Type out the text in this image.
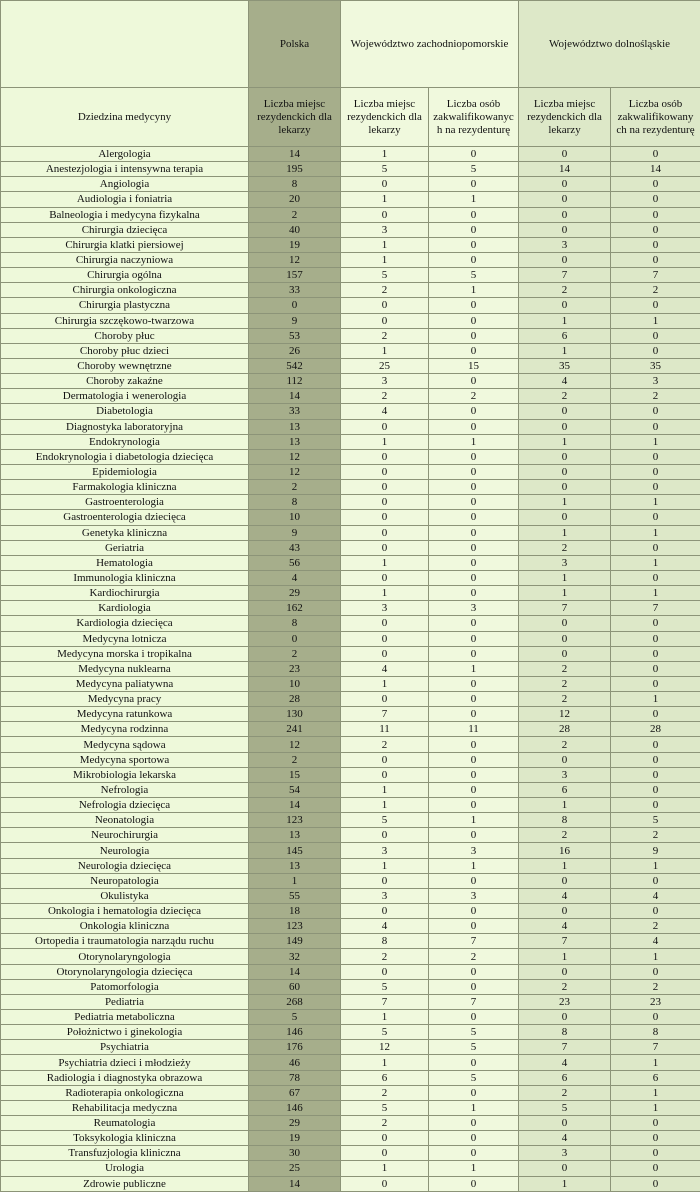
	Polska	Województwo zachodniopomorskie		Województwo dolnośląskie	
Dziedzina medycyny	Liczba miejsc rezydenckich dla lekarzy	Liczba miejsc rezydenckich dla lekarzy	Liczba osób zakwalifikowanyc h na rezydenturę	Liczba miejsc rezydenckich dla lekarzy	Liczba osób zakwalifikowany ch na rezydenturę
Alergologia	14	1	0	0	0
Anestezjologia i intensywna terapia	195	5	5	14	14
Angiologia	8	0	0	0	0
Audiologia i foniatria	20	1	1	0	0
Balneologia i medycyna fizykalna	2	0	0	0	0
Chirurgia dziecięca	40	3	0	0	0
Chirurgia klatki piersiowej	19	1	0	3	0
Chirurgia naczyniowa	12	1	0	0	0
Chirurgia ogólna	157	5	5	7	7
Chirurgia onkologiczna	33	2	1	2	2
Chirurgia plastyczna	0	0	0	0	0
Chirurgia szczękowo-twarzowa	9	0	0	1	1
Choroby płuc	53	2	0	6	0
Choroby płuc dzieci	26	1	0	1	0
Choroby wewnętrzne	542	25	15	35	35
Choroby zakaźne	112	3	0	4	3
Dermatologia i wenerologia	14	2	2	2	2
Diabetologia	33	4	0	0	0
Diagnostyka laboratoryjna	13	0	0	0	0
Endokrynologia	13	1	1	1	1
Endokrynologia i diabetologia dziecięca	12	0	0	0	0
Epidemiologia	12	0	0	0	0
Farmakologia kliniczna	2	0	0	0	0
Gastroenterologia	8	0	0	1	1
Gastroenterologia dziecięca	10	0	0	0	0
Genetyka kliniczna	9	0	0	1	1
Geriatria	43	0	0	2	0
Hematologia	56	1	0	3	1
Immunologia kliniczna	4	0	0	1	0
Kardiochirurgia	29	1	0	1	1
Kardiologia	162	3	3	7	7
Kardiologia dziecięca	8	0	0	0	0
Medycyna lotnicza	0	0	0	0	0
Medycyna morska i tropikalna	2	0	0	0	0
Medycyna nuklearna	23	4	1	2	0
Medycyna paliatywna	10	1	0	2	0
Medycyna pracy	28	0	0	2	1
Medycyna ratunkowa	130	7	0	12	0
Medycyna rodzinna	241	11	11	28	28
Medycyna sądowa	12	2	0	2	0
Medycyna sportowa	2	0	0	0	0
Mikrobiologia lekarska	15	0	0	3	0
Nefrologia	54	1	0	6	0
Nefrologia dziecięca	14	1	0	1	0
Neonatologia	123	5	1	8	5
Neurochirurgia	13	0	0	2	2
Neurologia	145	3	3	16	9
Neurologia dziecięca	13	1	1	1	1
Neuropatologia	1	0	0	0	0
Okulistyka	55	3	3	4	4
Onkologia i hematologia dziecięca	18	0	0	0	0
Onkologia kliniczna	123	4	0	4	2
Ortopedia i traumatologia narządu ruchu	149	8	7	7	4
Otorynolaryngologia	32	2	2	1	1
Otorynolaryngologia dziecięca	14	0	0	0	0
Patomorfologia	60	5	0	2	2
Pediatria	268	7	7	23	23
Pediatria metaboliczna	5	1	0	0	0
Położnictwo i ginekologia	146	5	5	8	8
Psychiatria	176	12	5	7	7
Psychiatria dzieci i młodzieży	46	1	0	4	1
Radiologia i diagnostyka obrazowa	78	6	5	6	6
Radioterapia onkologiczna	67	2	0	2	1
Rehabilitacja medyczna	146	5	1	5	1
Reumatologia	29	2	0	0	0
Toksykologia kliniczna	19	0	0	4	0
Transfuzjologia kliniczna	30	0	0	3	0
Urologia	25	1	1	0	0
Zdrowie publiczne	14	0	0	1	0
